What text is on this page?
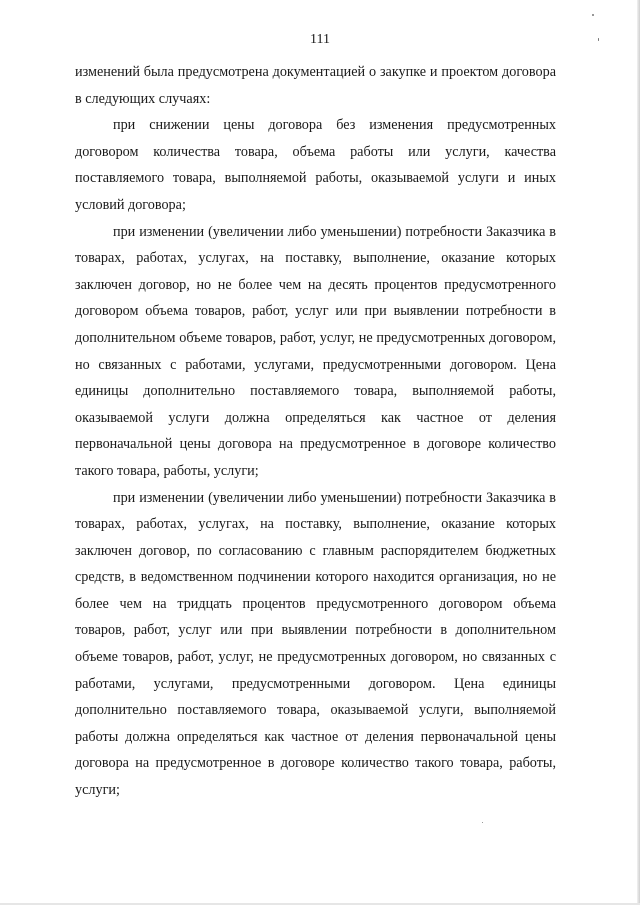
111

изменений была предусмотрена документацией о закупке и проектом договора в следующих случаях:

при снижении цены договора без изменения предусмотренных договором количества товара, объема работы или услуги, качества поставляемого товара, выполняемой работы, оказываемой услуги и иных условий договора;

при изменении (увеличении либо уменьшении) потребности Заказчика в товарах, работах, услугах, на поставку, выполнение, оказание которых заключен договор, но не более чем на десять процентов предусмотренного договором объема товаров, работ, услуг или при выявлении потребности в дополнительном объеме товаров, работ, услуг, не предусмотренных договором, но связанных с работами, услугами, предусмотренными договором. Цена единицы дополнительно поставляемого товара, выполняемой работы, оказываемой услуги должна определяться как частное от деления первоначальной цены договора на предусмотренное в договоре количество такого товара, работы, услуги;

при изменении (увеличении либо уменьшении) потребности Заказчика в товарах, работах, услугах, на поставку, выполнение, оказание которых заключен договор, по согласованию с главным распорядителем бюджетных средств, в ведомственном подчинении которого находится организация, но не более чем на тридцать процентов предусмотренного договором объема товаров, работ, услуг или при выявлении потребности в дополнительном объеме товаров, работ, услуг, не предусмотренных договором, но связанных с работами, услугами, предусмотренными договором. Цена единицы дополнительно поставляемого товара, оказываемой услуги, выполняемой работы должна определяться как частное от деления первоначальной цены договора на предусмотренное в договоре количество такого товара, работы, услуги;
